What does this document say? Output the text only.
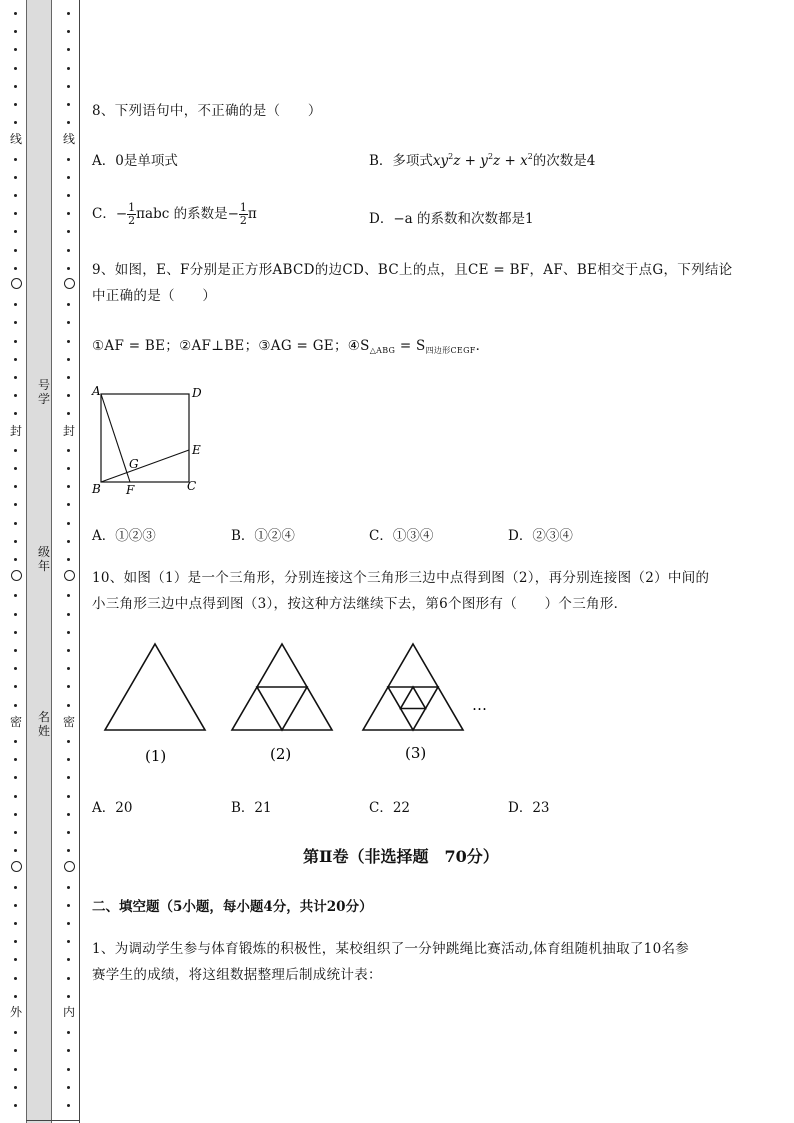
线
封
密
外
线
封
密
内
号学
级年
名姓
8、下列语句中，不正确的是（　　）
A．0是单项式	B．多项式$xy^2z + y^2z + x^2$的次数是4
C．− $\frac{1}{2}$ πabc 的系数是− $\frac{1}{2}$ π	D．−a 的系数和次数都是1
9、如图，E、F分别是正方形ABCD的边CD、BC上的点，且CE = BF，AF、BE相交于点G，下列结论
中正确的是（　　）
①AF = BE；②AF⊥BE；③AG = GE；$④S_{\triangle ABG} = S_{四边形CEGF}$．
A	D
E
G
B F	C
A．①②③	B．①②④	C．①③④	D．②③④
10、如图（1）是一个三角形，分别连接这个三角形三边中点得到图（2），再分别连接图（2）中间的
小三角形三边中点得到图（3），按这种方法继续下去，第6个图形有（　　）个三角形．
(1)	(2)	(3)
…
A．20	B．21	C．22	D．23
第Ⅱ卷（非选择题　70分）
二、填空题（5小题，每小题4分，共计20分）
1、为调动学生参与体育锻炼的积极性，某校组织了一分钟跳绳比赛活动,体育组随机抽取了10名参
赛学生的成绩，将这组数据整理后制成统计表：
